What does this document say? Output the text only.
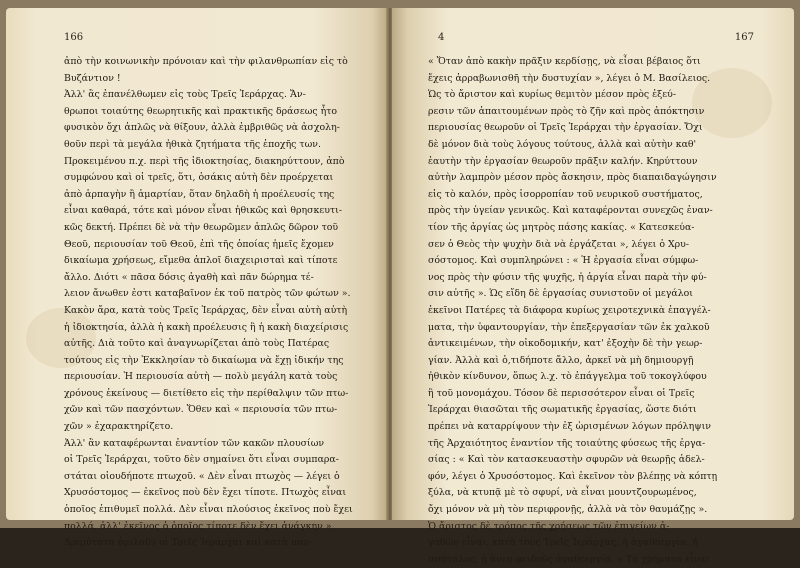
166
ἀπὸ τὴν κοινωνικὴν πρόνοιαν καὶ τὴν φιλανθρωπίαν εἰς τὸ
Βυζάντιον !
Ἀλλ' ἃς ἐπανέλθωμεν εἰς τοὺς Τρεῖς Ἱεράρχας. Ἄν-
θρωποι τοιαύτης θεωρητικῆς καὶ πρακτικῆς δράσεως ἦτο
φυσικὸν ὄχι ἁπλῶς νὰ θίξουν, ἀλλὰ ἐμβριθῶς νὰ ἀσχολη-
θοῦν περὶ τὰ μεγάλα ἠθικὰ ζητήματα τῆς ἐποχῆς των.
Προκειμένου π.χ. περὶ τῆς ἰδιοκτησίας, διακηρύττουν, ἀπὸ
συμφώνου καὶ οἱ τρεῖς, ὅτι, ὁσάκις αὐτὴ δὲν προέρχεται
ἀπὸ ἁρπαγὴν ἢ ἁμαρτίαν, ὅταν δηλαδὴ ἡ προέλευσίς της
εἶναι καθαρά, τότε καὶ μόνον εἶναι ἠθικῶς καὶ θρησκευτι-
κῶς δεκτή. Πρέπει δὲ νὰ τὴν θεωρῶμεν ἁπλῶς δῶρον τοῦ
Θεοῦ, περιουσίαν τοῦ Θεοῦ, ἐπὶ τῆς ὁποίας ἡμεῖς ἔχομεν
δικαίωμα χρήσεως, εἴμεθα ἁπλοῖ διαχειρισταὶ καὶ τίποτε
ἄλλο. Διότι « πᾶσα δόσις ἀγαθὴ καὶ πᾶν δώρημα τέ-
λειον ἄνωθεν ἐστι καταβαῖνον ἐκ τοῦ πατρὸς τῶν φώτων ».
Κακὸν ἄρα, κατὰ τοὺς Τρεῖς Ἱεράρχας, δὲν εἶναι αὐτὴ αὐτὴ
ἡ ἰδιοκτησία, ἀλλὰ ἡ κακὴ προέλευσις ἢ ἡ κακὴ διαχείρισις
αὐτῆς. Διὰ τοῦτο καὶ ἀναγνωρίζεται ἀπὸ τοὺς Πατέρας
τούτους εἰς τὴν Ἐκκλησίαν τὸ δικαίωμα νὰ ἔχῃ ἰδικήν της
περιουσίαν. Ἡ περιουσία αὐτὴ — πολὺ μεγάλη κατὰ τοὺς
χρόνους ἐκείνους — διετίθετο εἰς τὴν περίθαλψιν τῶν πτω-
χῶν καὶ τῶν πασχόντων. Ὅθεν καὶ « περιουσία τῶν πτω-
χῶν » ἐχαρακτηρίζετο.
Ἀλλ' ἂν καταφέρωνται ἐναντίον τῶν κακῶν πλουσίων
οἱ Τρεῖς Ἱεράρχαι, τοῦτο δὲν σημαίνει ὅτι εἶναι συμπαρα-
στάται οἱουδήποτε πτωχοῦ. « Δὲν εἶναι πτωχὸς — λέγει ὁ
Χρυσόστομος — ἐκεῖνος ποὺ δὲν ἔχει τίποτε. Πτωχὸς εἶναι
ὁποῖος ἐπιθυμεῖ πολλά. Δὲν εἶναι πλούσιος ἐκεῖνος ποὺ ἔχει
πολλά, ἀλλ' ἐκεῖνος ὁ ὁποῖος τίποτε δὲν ἔχει ἀνάγκην ».
Δριμύτατα ὁμιλοῦν οἱ Τρεῖς Ἱεράρχαι καὶ κατὰ παν-
4	167
« Ὅταν ἀπὸ κακὴν πρᾶξιν κερδίσῃς, νὰ εἶσαι βέβαιος ὅτι
ἔχεις ἀρραβωνισθῆ τὴν δυστυχίαν », λέγει ὁ Μ. Βασίλειος.
Ὡς τὸ ἄριστον καὶ κυρίως θεμιτὸν μέσον πρὸς ἐξεύ-
ρεσιν τῶν ἀπαιτουμένων πρὸς τὸ ζῆν καὶ πρὸς ἀπόκτησιν
περιουσίας θεωροῦν οἱ Τρεῖς Ἱεράρχαι τὴν ἐργασίαν. Ὄχι
δὲ μόνον διὰ τοὺς λόγους τούτους, ἀλλὰ καὶ αὐτὴν καθ'
ἑαυτὴν τὴν ἐργασίαν θεωροῦν πρᾶξιν καλήν. Κηρύττουν
αὐτὴν λαμπρὸν μέσον πρὸς ἄσκησιν, πρὸς διαπαιδαγώγησιν
εἰς τὸ καλόν, πρὸς ἰσορροπίαν τοῦ νευρικοῦ συστήματος,
πρὸς τὴν ὑγείαν γενικῶς. Καὶ καταφέρονται συνεχῶς ἐναν-
τίον τῆς ἀργίας ὡς μητρὸς πάσης κακίας. « Κατεσκεύα-
σεν ὁ Θεὸς τὴν ψυχὴν διὰ νὰ ἐργάζεται », λέγει ὁ Χρυ-
σόστομος. Καὶ συμπληρώνει : « Ἡ ἐργασία εἶναι σύμφω-
νος πρὸς τὴν φύσιν τῆς ψυχῆς, ἡ ἀργία εἶναι παρὰ τὴν φύ-
σιν αὐτῆς ». Ὡς εἴδη δὲ ἐργασίας συνιστοῦν οἱ μεγάλοι
ἐκεῖνοι Πατέρες τὰ διάφορα κυρίως χειροτεχνικὰ ἐπαγγέλ-
ματα, τὴν ὑφαντουργίαν, τὴν ἐπεξεργασίαν τῶν ἐκ χαλκοῦ
ἀντικειμένων, τὴν οἰκοδομικήν, κατ' ἐξοχὴν δὲ τὴν γεωρ-
γίαν. Ἀλλὰ καὶ ὁ,τιδήποτε ἄλλο, ἀρκεῖ νὰ μὴ δημιουργῇ
ἠθικὸν κίνδυνον, ὅπως λ.χ. τὸ ἐπάγγελμα τοῦ τοκογλύφου
ἢ τοῦ μονομάχου. Τόσον δὲ περισσότερον εἶναι οἱ Τρεῖς
Ἱεράρχαι θιασῶται τῆς σωματικῆς ἐργασίας, ὥστε διότι
πρέπει νὰ καταρρίψουν τὴν ἐξ ὡρισμένων λόγων πρόληψιν
τῆς Ἀρχαιότητος ἐναντίον τῆς τοιαύτης φύσεως τῆς ἐργα-
σίας : « Καὶ τὸν κατασκευαστὴν σφυρῶν νὰ θεωρῇς ἀδελ-
φόν, λέγει ὁ Χρυσόστομος. Καὶ ἐκεῖνον τὸν βλέπῃς νὰ κόπτῃ
ξύλα, νὰ κτυπᾷ μὲ τὸ σφυρί, νὰ εἶναι μουντζουρωμένος,
ὄχι μόνον νὰ μὴ τὸν περιφρονῇς, ἀλλὰ νὰ τὸν θαυμάζῃς ».
Ὁ ἄριστος δὲ τρόπος τῆς χρήσεως τῶν ἐπιγείων ἀ-
γαθῶν εἶναι, κατὰ τοὺς Τρεῖς Ἱεράρχας, ἡ ἀγαθοεργία, ἡ
σπάταλος, ἡ ἄνευ φειδοῦς ἀγαθοεργία. « Τὰ χρήματα εἶναι
